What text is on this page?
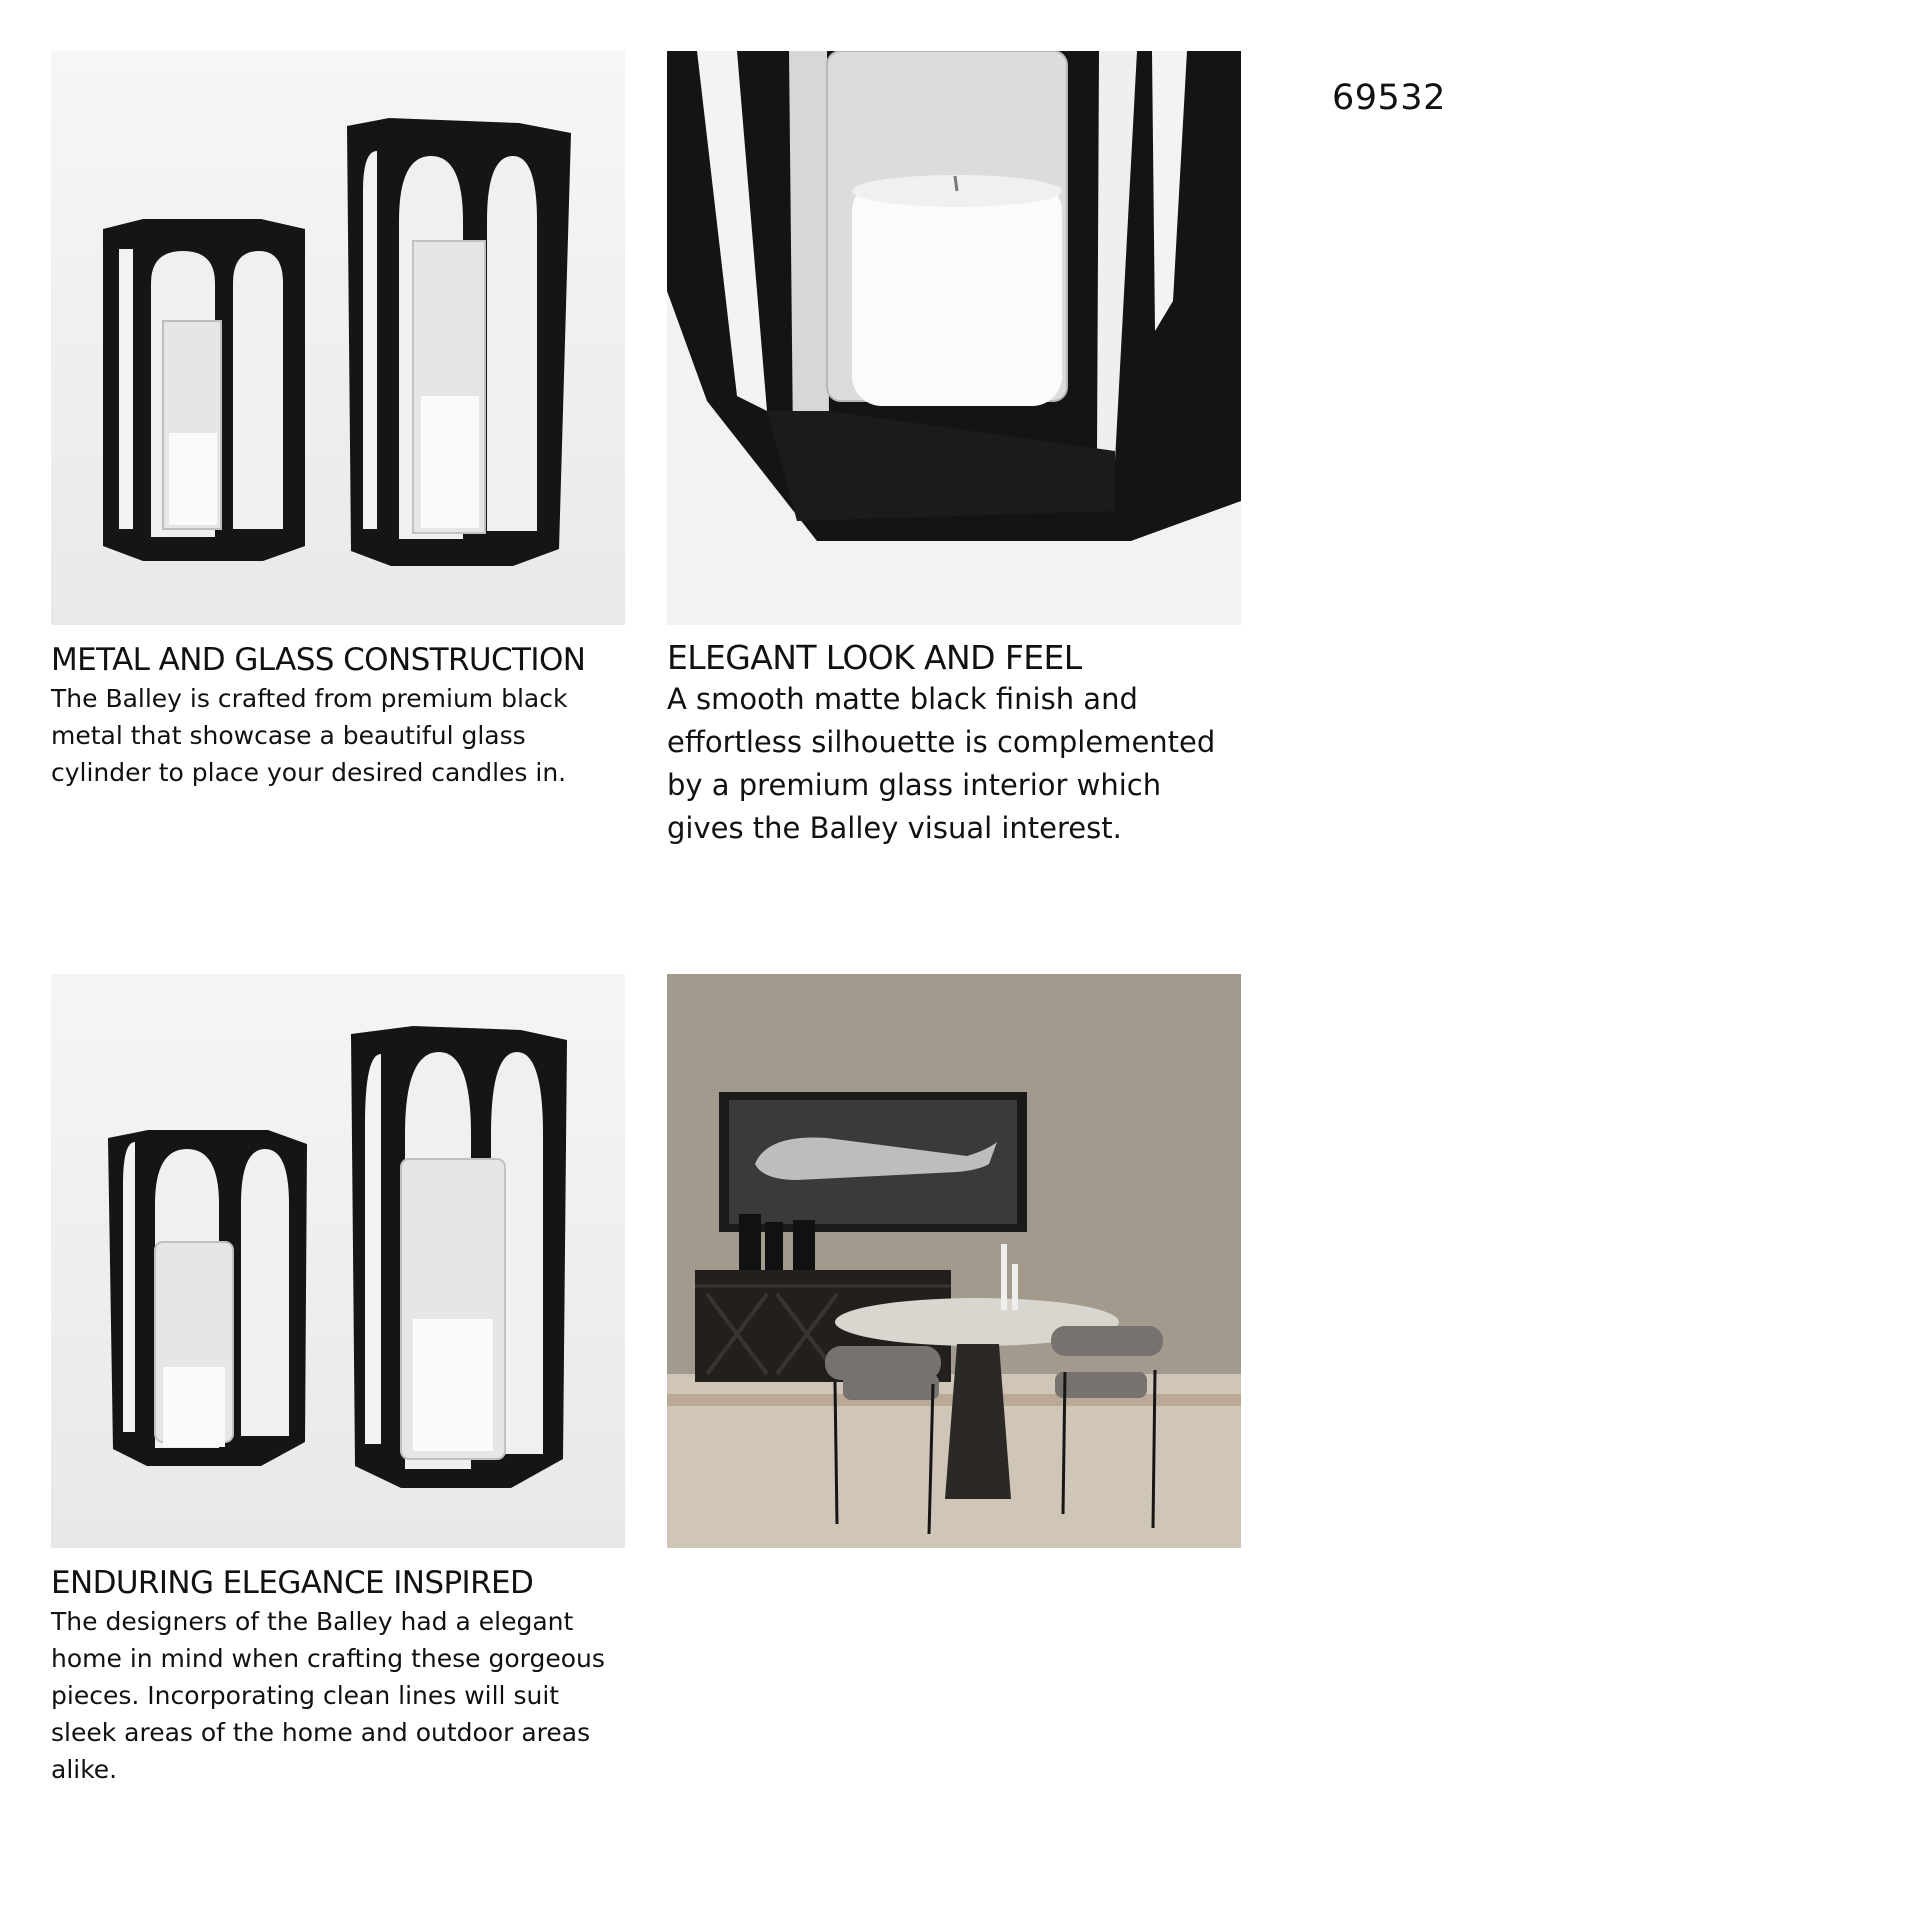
69532
METAL AND GLASS CONSTRUCTION

The Balley is crafted from premium black metal that showcase a beautiful glass cylinder to place your desired candles in.

ELEGANT LOOK AND FEEL

A smooth matte black finish and effortless silhouette is complemented by a premium glass interior which gives the Balley visual interest.

ENDURING ELEGANCE INSPIRED

The designers of the Balley had a elegant home in mind when crafting these gorgeous pieces. Incorporating clean lines will suit sleek areas of the home and outdoor areas alike.
